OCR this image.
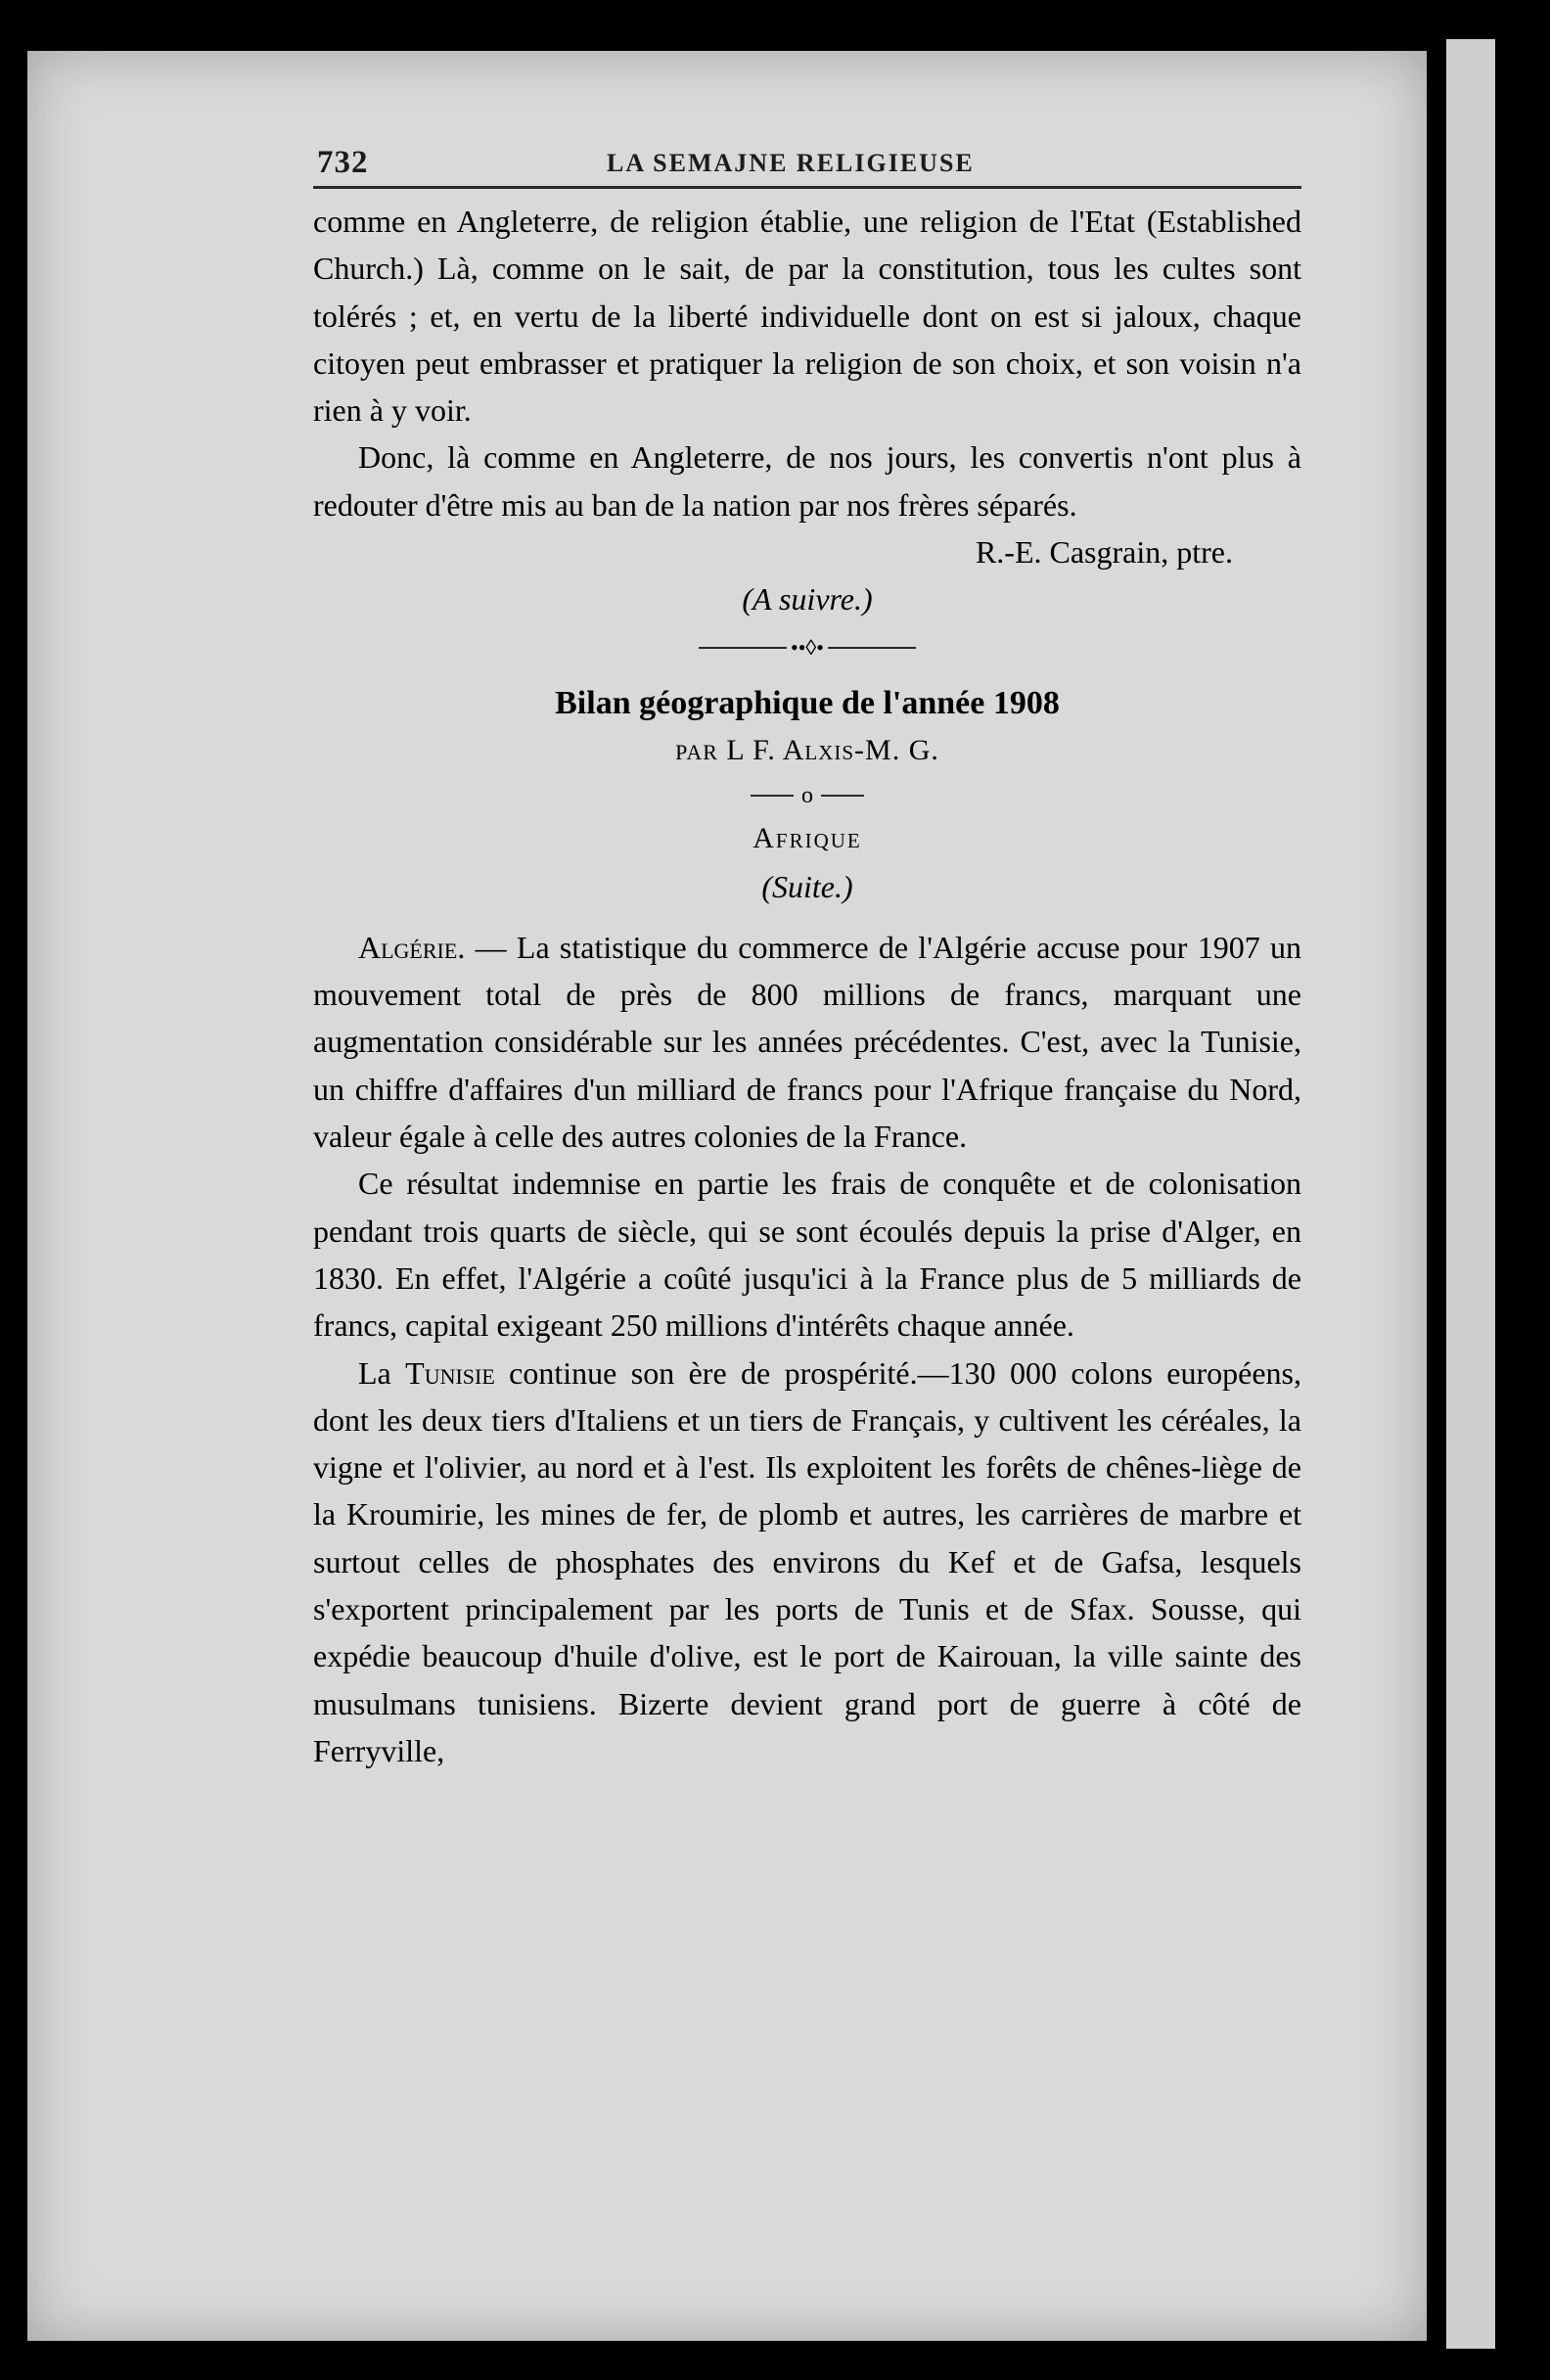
732	LA SEMAJNE RELIGIEUSE

comme en Angleterre, de religion établie, une religion de l'Etat (Established Church.) Là, comme on le sait, de par la constitution, tous les cultes sont tolérés ; et, en vertu de la liberté individuelle dont on est si jaloux, chaque citoyen peut embrasser et pratiquer la religion de son choix, et son voisin n'a rien à y voir.

Donc, là comme en Angleterre, de nos jours, les convertis n'ont plus à redouter d'être mis au ban de la nation par nos frères séparés.

R.-E. Casgrain, ptre.

(A suivre.)

••◊•
Bilan géographique de l'année 1908
PAR L F. Alxis-M. G.
o
Afrique
(Suite.)

Algérie. — La statistique du commerce de l'Algérie accuse pour 1907 un mouvement total de près de 800 millions de francs, marquant une augmentation considérable sur les années précédentes. C'est, avec la Tunisie, un chiffre d'affaires d'un milliard de francs pour l'Afrique française du Nord, valeur égale à celle des autres colonies de la France.

Ce résultat indemnise en partie les frais de conquête et de colonisation pendant trois quarts de siècle, qui se sont écoulés depuis la prise d'Alger, en 1830. En effet, l'Algérie a coûté jusqu'ici à la France plus de 5 milliards de francs, capital exigeant 250 millions d'intérêts chaque année.

La Tunisie continue son ère de prospérité.—130 000 colons européens, dont les deux tiers d'Italiens et un tiers de Français, y cultivent les céréales, la vigne et l'olivier, au nord et à l'est. Ils exploitent les forêts de chênes-liège de la Kroumirie, les mines de fer, de plomb et autres, les carrières de marbre et surtout celles de phosphates des environs du Kef et de Gafsa, lesquels s'exportent principalement par les ports de Tunis et de Sfax. Sousse, qui expédie beaucoup d'huile d'olive, est le port de Kairouan, la ville sainte des musulmans tunisiens. Bizerte devient grand port de guerre à côté de Ferryville,
